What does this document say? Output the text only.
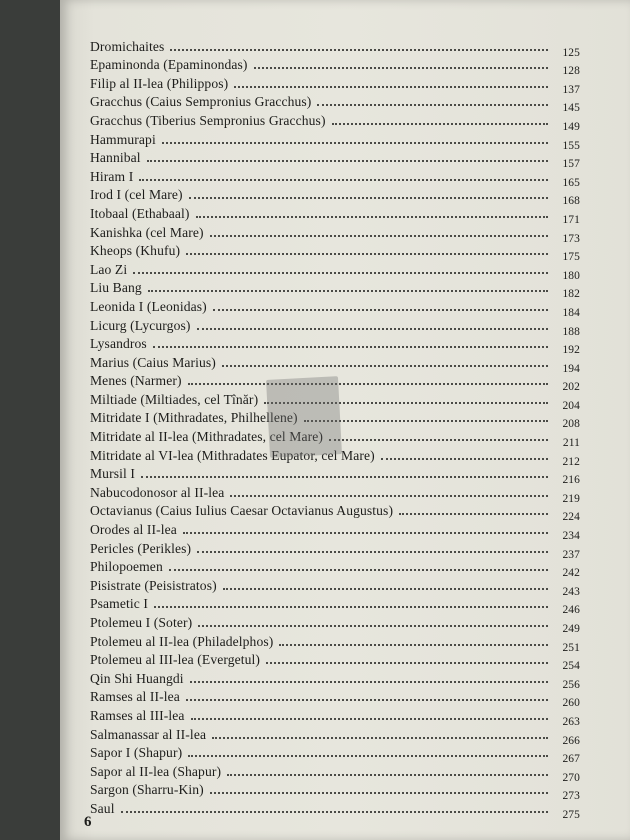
Dromichaites	125
Epaminonda (Epaminondas)	128
Filip al II-lea (Philippos)	137
Gracchus (Caius Sempronius Gracchus)	145
Gracchus (Tiberius Sempronius Gracchus)	149
Hammurapi	155
Hannibal	157
Hiram I	165
Irod I (cel Mare)	168
Itobaal (Ethabaal)	171
Kanishka (cel Mare)	173
Kheops (Khufu)	175
Lao Zi	180
Liu Bang	182
Leonida I (Leonidas)	184
Licurg (Lycurgos)	188
Lysandros	192
Marius (Caius Marius)	194
Menes (Narmer)	202
Miltiade (Miltiades, cel Tînăr)	204
Mitridate I (Mithradates, Philhellene)	208
Mitridate al II-lea (Mithradates, cel Mare)	211
Mitridate al VI-lea (Mithradates Eupator, cel Mare)	212
Mursil I	216
Nabucodonosor al II-lea	219
Octavianus (Caius Iulius Caesar Octavianus Augustus)	224
Orodes al II-lea	234
Pericles (Perikles)	237
Philopoemen	242
Pisistrate (Peisistratos)	243
Psametic I	246
Ptolemeu I (Soter)	249
Ptolemeu al II-lea (Philadelphos)	251
Ptolemeu al III-lea (Evergetul)	254
Qin Shi Huangdi	256
Ramses al II-lea	260
Ramses al III-lea	263
Salmanassar al II-lea	266
Sapor I (Shapur)	267
Sapor al II-lea (Shapur)	270
Sargon (Sharru-Kin)	273
Saul	275
6
